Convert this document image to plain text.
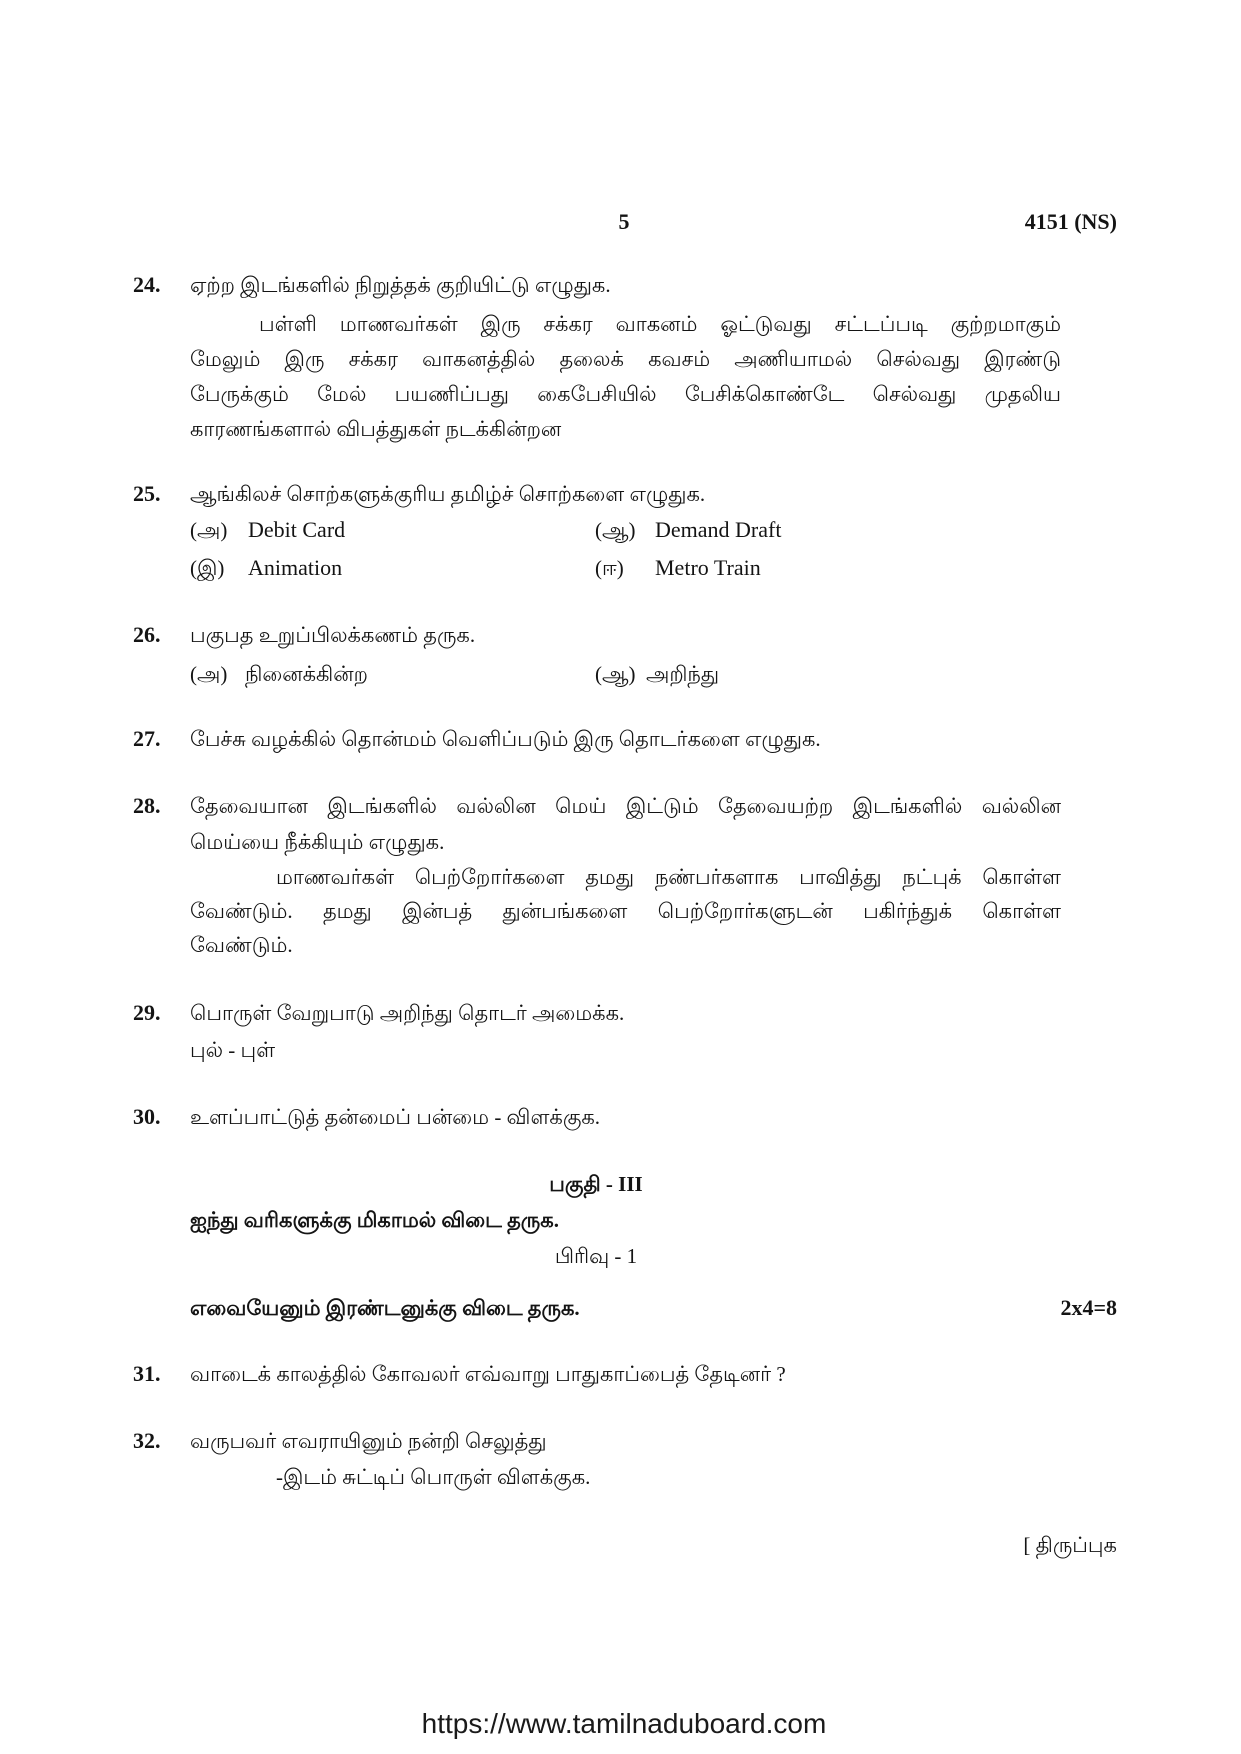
5	4151 (NS)
24.	ஏற்ற இடங்களில் நிறுத்தக் குறியிட்டு எழுதுக.
பள்ளி மாணவர்கள் இரு சக்கர வாகனம் ஓட்டுவது சட்டப்படி குற்றமாகும்
மேலும் இரு சக்கர வாகனத்தில் தலைக் கவசம் அணியாமல் செல்வது இரண்டு
பேருக்கும் மேல் பயணிப்பது கைபேசியில் பேசிக்கொண்டே செல்வது முதலிய
காரணங்களால் விபத்துகள் நடக்கின்றன
25.	ஆங்கிலச் சொற்களுக்குரிய தமிழ்ச் சொற்களை எழுதுக.
(அ) Debit Card	(ஆ) Demand Draft
(இ) Animation	(ஈ) Metro Train
26.	பகுபத உறுப்பிலக்கணம் தருக.
(அ) நினைக்கின்ற	(ஆ) அறிந்து
27.	பேச்சு வழக்கில் தொன்மம் வெளிப்படும் இரு தொடர்களை எழுதுக.
28.	தேவையான இடங்களில் வல்லின மெய் இட்டும் தேவையற்ற இடங்களில் வல்லின
மெய்யை நீக்கியும் எழுதுக.
மாணவர்கள் பெற்றோர்களை தமது நண்பர்களாக பாவித்து நட்புக் கொள்ள
வேண்டும். தமது இன்பத் துன்பங்களை பெற்றோர்களுடன் பகிர்ந்துக் கொள்ள
வேண்டும்.
29.	பொருள் வேறுபாடு அறிந்து தொடர் அமைக்க.
புல் - புள்
30.	உளப்பாட்டுத் தன்மைப் பன்மை - விளக்குக.
பகுதி - III
ஐந்து வரிகளுக்கு மிகாமல் விடை தருக.
பிரிவு - 1
எவையேனும் இரண்டனுக்கு விடை தருக.	2x4=8
31.	வாடைக் காலத்தில் கோவலர் எவ்வாறு பாதுகாப்பைத் தேடினர் ?
32.	வருபவர் எவராயினும் நன்றி செலுத்து
-இடம் சுட்டிப் பொருள் விளக்குக.
[ திருப்புக
https://www.tamilnaduboard.com
